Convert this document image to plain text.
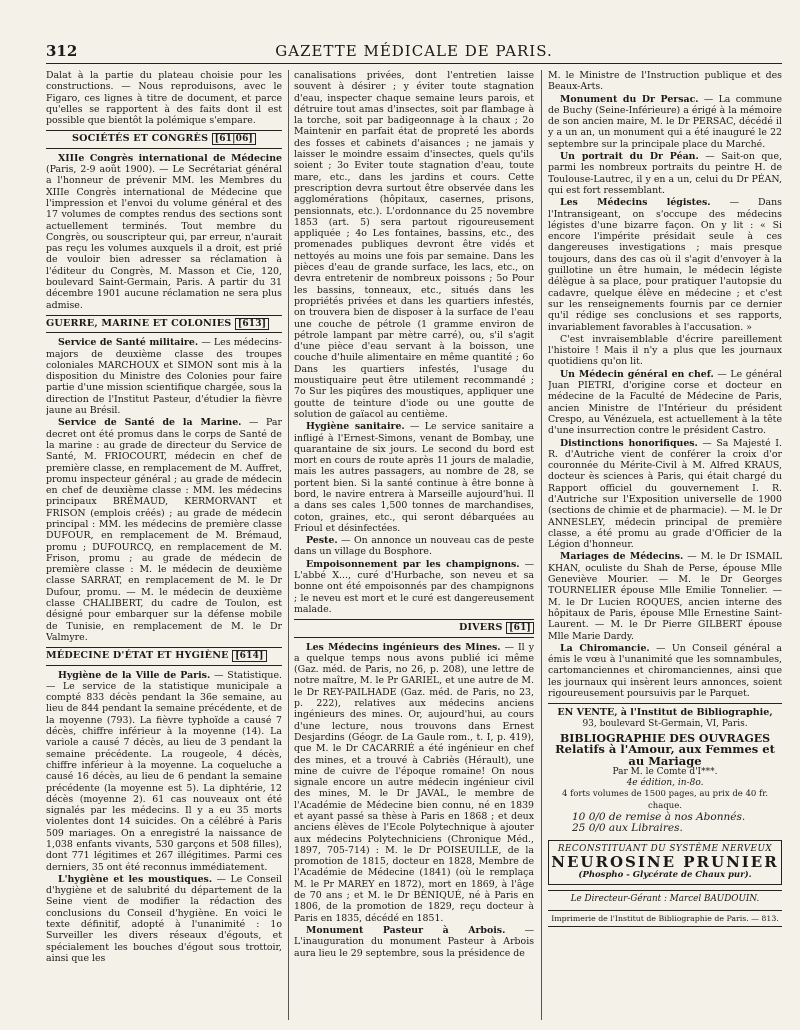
312	GAZETTE MÉDICALE DE PARIS.

Dalat à la partie du plateau choisie pour les constructions. — Nous reproduisons, avec le Figaro, ces lignes à titre de document, et parce qu'elles se rapportent à des faits dont il est possible que bientôt la polémique s'empare.

SOCIÉTÉS ET CONGRÈS [61|06]

XIIIe Congrès international de Médecine (Paris, 2-9 août 1900). — Le Secrétariat général a l'honneur de prévenir MM. les Membres du XIIIe Congrès international de Médecine que l'impression et l'envoi du volume général et des 17 volumes de comptes rendus des sections sont actuellement terminés. Tout membre du Congrès, ou souscripteur qui, par erreur, n'aurait pas reçu les volumes auxquels il a droit, est prié de vouloir bien adresser sa réclamation à l'éditeur du Congrès, M. Masson et Cie, 120, boulevard Saint-Germain, Paris. A partir du 31 décembre 1901 aucune réclamation ne sera plus admise.

GUERRE, MARINE ET COLONIES [613]

Service de Santé militaire. — Les médecins-majors de deuxième classe des troupes coloniales MARCHOUX et SIMON sont mis à la disposition du Ministre des Colonies pour faire partie d'une mission scientifique chargée, sous la direction de l'Institut Pasteur, d'étudier la fièvre jaune au Brésil.

Service de Santé de la Marine. — Par decret ont été promus dans le corps de Santé de la marine : au grade de directeur du Service de Santé, M. FRIOCOURT, médecin en chef de première classe, en remplacement de M. Auffret, promu inspecteur général ; au grade de médecin en chef de deuxième classe : MM. les médecins principaux BRÉMAUD, KERMORVANT et FRISON (emplois créés) ; au grade de médecin principal : MM. les médecins de première classe DUFOUR, en remplacement de M. Brémaud, promu ; DUFOURCQ, en remplacement de M. Frison, promu ; au grade de médecin de première classe : M. le médecin de deuxième classe SARRAT, en remplacement de M. le Dr Dufour, promu. — M. le médecin de deuxième classe CHALIBERT, du cadre de Toulon, est désigné pour embarquer sur la défense mobile de Tunisie, en remplacement de M. le Dr Valmyre.

MÉDECINE D'ÉTAT ET HYGIÈNE [614]

Hygiène de la Ville de Paris. — Statistique. — Le service de la statistique municipale a compté 833 décès pendant la 36e semaine, au lieu de 844 pendant la semaine précédente, et de la moyenne (793). La fièvre typhoïde a causé 7 décès, chiffre inférieur à la moyenne (14). La variole a causé 7 décès, au lieu de 3 pendant la semaine précédente. La rougeole, 4 décès, chiffre inférieur à la moyenne. La coqueluche a causé 16 décès, au lieu de 6 pendant la semaine précédente (la moyenne est 5). La diphtérie, 12 décès (moyenne 2). 61 cas nouveaux ont été signalés par les médecins. Il y a eu 35 morts violentes dont 14 suicides. On a célébré à Paris 509 mariages. On a enregistré la naissance de 1,038 enfants vivants, 530 garçons et 508 filles), dont 771 légitimes et 267 illégitimes. Parmi ces derniers, 35 ont été reconnus immédiatement.

L'hygiène et les moustiques. — Le Conseil d'hygiène et de salubrité du département de la Seine vient de modifier la rédaction des conclusions du Conseil d'hygiène. En voici le texte définitif, adopté à l'unanimité : 1o Surveiller les divers réseaux d'égouts, et spécialement les bouches d'égout sous trottoir, ainsi que les

canalisations privées, dont l'entretien laisse souvent à désirer ; y éviter toute stagnation d'eau, inspecter chaque semaine leurs parois, et détruire tout amas d'insectes, soit par flambage à la torche, soit par badigeonnage à la chaux ; 2o Maintenir en parfait état de propreté les abords des fosses et cabinets d'aisances ; ne jamais y laisser le moindre essaim d'insectes, quels qu'ils soient ; 3o Eviter toute stagnation d'eau, toute mare, etc., dans les jardins et cours. Cette prescription devra surtout être observée dans les agglomérations (hôpitaux, casernes, prisons, pensionnats, etc.). L'ordonnance du 25 novembre 1853 (art. 5) sera partout rigoureusement appliquée ; 4o Les fontaines, bassins, etc., des promenades publiques devront être vidés et nettoyés au moins une fois par semaine. Dans les pièces d'eau de grande surface, les lacs, etc., on devra entretenir de nombreux poissons ; 5o Pour les bassins, tonneaux, etc., situés dans les propriétés privées et dans les quartiers infestés, on trouvera bien de disposer à la surface de l'eau une couche de pétrole (1 gramme environ de pétrole lampant par mètre carré), ou, s'il s'agit d'une pièce d'eau servant à la boisson, une couche d'huile alimentaire en même quantité ; 6o Dans les quartiers infestés, l'usage du moustiquaire peut être utilement recommandé ; 7o Sur les piqûres des moustiques, appliquer une goutte de teinture d'iode ou une goutte de solution de gaïacol au centième.

Hygiène sanitaire. — Le service sanitaire a infligé à l'Ernest-Simons, venant de Bombay, une quarantaine de six jours. Le second du bord est mort en cours de route après 11 jours de maladie, mais les autres passagers, au nombre de 28, se portent bien. Si la santé continue à être bonne à bord, le navire entrera à Marseille aujourd'hui. Il a dans ses cales 1,500 tonnes de marchandises, coton, graines, etc., qui seront débarquées au Frioul et désinfectées.

Peste. — On annonce un nouveau cas de peste dans un village du Bosphore.

Empoisonnement par les champignons. — L'abbé X..., curé d'Hurbache, son neveu et sa bonne ont été empoisonnés par des champignons ; le neveu est mort et le curé est dangereusement malade.

DIVERS [61]

Les Médecins ingénieurs des Mines. — Il y a quelque temps nous avons publié ici même (Gaz. méd. de Paris, no 26, p. 208), une lettre de notre maître, M. le Pr GARIEL, et une autre de M. le Dr REY-PAILHADE (Gaz. méd. de Paris, no 23, p. 222), relatives aux médecins anciens ingénieurs des mines. Or, aujourd'hui, au cours d'une lecture, nous trouvons dans Ernest Desjardins (Géogr. de La Gaule rom., t. I, p. 419), que M. le Dr CACARRIÉ a été ingénieur en chef des mines, et a trouvé à Cabriès (Hérault), une mine de cuivre de l'époque romaine! On nous signale encore un autre médecin ingénieur civil des mines, M. le Dr JAVAL, le membre de l'Académie de Médecine bien connu, né en 1839 et ayant passé sa thèse à Paris en 1868 ; et deux anciens élèves de l'Ecole Polytechnique à ajouter aux médecins Polytechniciens (Chronique Méd., 1897, 705-714) : M. le Dr POISEUILLE, de la promotion de 1815, docteur en 1828, Membre de l'Académie de Médecine (1841) (où le remplaça M. le Pr MAREY en 1872), mort en 1869, à l'âge de 70 ans ; et M. le Dr BÉNIQUÉ, né à Paris en 1806, de la promotion de 1829, reçu docteur à Paris en 1835, décédé en 1851.

Monument Pasteur à Arbois. — L'inauguration du monument Pasteur à Arbois aura lieu le 29 septembre, sous la présidence de

M. le Ministre de l'Instruction publique et des Beaux-Arts.

Monument du Dr Persac. — La commune de Buchy (Seine-Inférieure) a érigé à la mémoire de son ancien maire, M. le Dr PERSAC, décédé il y a un an, un monument qui a été inauguré le 22 septembre sur la principale place du Marché.

Un portrait du Dr Péan. — Sait-on que, parmi les nombreux portraits du peintre H. de Toulouse-Lautrec, il y en a un, celui du Dr PÉAN, qui est fort ressemblant.

Les Médecins légistes. — Dans l'Intransigeant, on s'occupe des médecins légistes d'une bizarre façon. On y lit : « Si encore l'impérite présidait seule à ces dangereuses investigations ; mais presque toujours, dans des cas où il s'agit d'envoyer à la guillotine un être humain, le médecin légiste délègue à sa place, pour pratiquer l'autopsie du cadavre, quelque élève en médecine ; et c'est sur les renseignements fournis par ce dernier qu'il rédige ses conclusions et ses rapports, invariablement favorables à l'accusation. »

C'est invraisemblable d'écrire pareillement l'histoire ! Mais il n'y a plus que les journaux quotidiens qu'on lit.

Un Médecin général en chef. — Le général Juan PIETRI, d'origine corse et docteur en médecine de la Faculté de Médecine de Paris, ancien Ministre de l'Intérieur du président Crespo, au Vénézuela, est actuellement à la tête d'une insurrection contre le président Castro.

Distinctions honorifiques. — Sa Majesté I. R. d'Autriche vient de conférer la croix d'or couronnée du Mérite-Civil à M. Alfred KRAUS, docteur ès sciences à Paris, qui était chargé du Rapport officiel du gouvernement I. R. d'Autriche sur l'Exposition universelle de 1900 (sections de chimie et de pharmacie). — M. le Dr ANNESLEY, médecin principal de première classe, a été promu au grade d'Officier de la Légion d'honneur.

Mariages de Médecins. — M. le Dr ISMAIL KHAN, oculiste du Shah de Perse, épouse Mlle Geneviève Mourier. — M. le Dr Georges TOURNELIER épouse Mlle Emilie Tonnelier. — M. le Dr Lucien ROQUES, ancien interne des hôpitaux de Paris, épouse Mlle Ernestine Saint-Laurent. — M. le Dr Pierre GILBERT épouse Mlle Marie Dardy.

La Chiromancie. — Un Conseil général a émis le vœu à l'unanimité que les somnambules, cartomanciennes et chiromanciennes, ainsi que les journaux qui insèrent leurs annonces, soient rigoureusement poursuivis par le Parquet.

EN VENTE, à l'Institut de Bibliographie,
93, boulevard St-Germain, VI, Paris.
BIBLIOGRAPHIE DES OUVRAGES
Relatifs à l'Amour, aux Femmes et au Mariage
Par M. le Comte d'I***.
4e édition, in-8o.
4 forts volumes de 1500 pages, au prix de 40 fr. chaque.
10 0/0 de remise à nos Abonnés.
25 0/0 aux Libraires.
RECONSTITUANT DU SYSTÈME NERVEUX
NEUROSINE PRUNIER
(Phospho - Glycérate de Chaux pur).
Le Directeur-Gérant : Marcel BAUDOUIN.
Imprimerie de l'Institut de Bibliographie de Paris. — 813.
